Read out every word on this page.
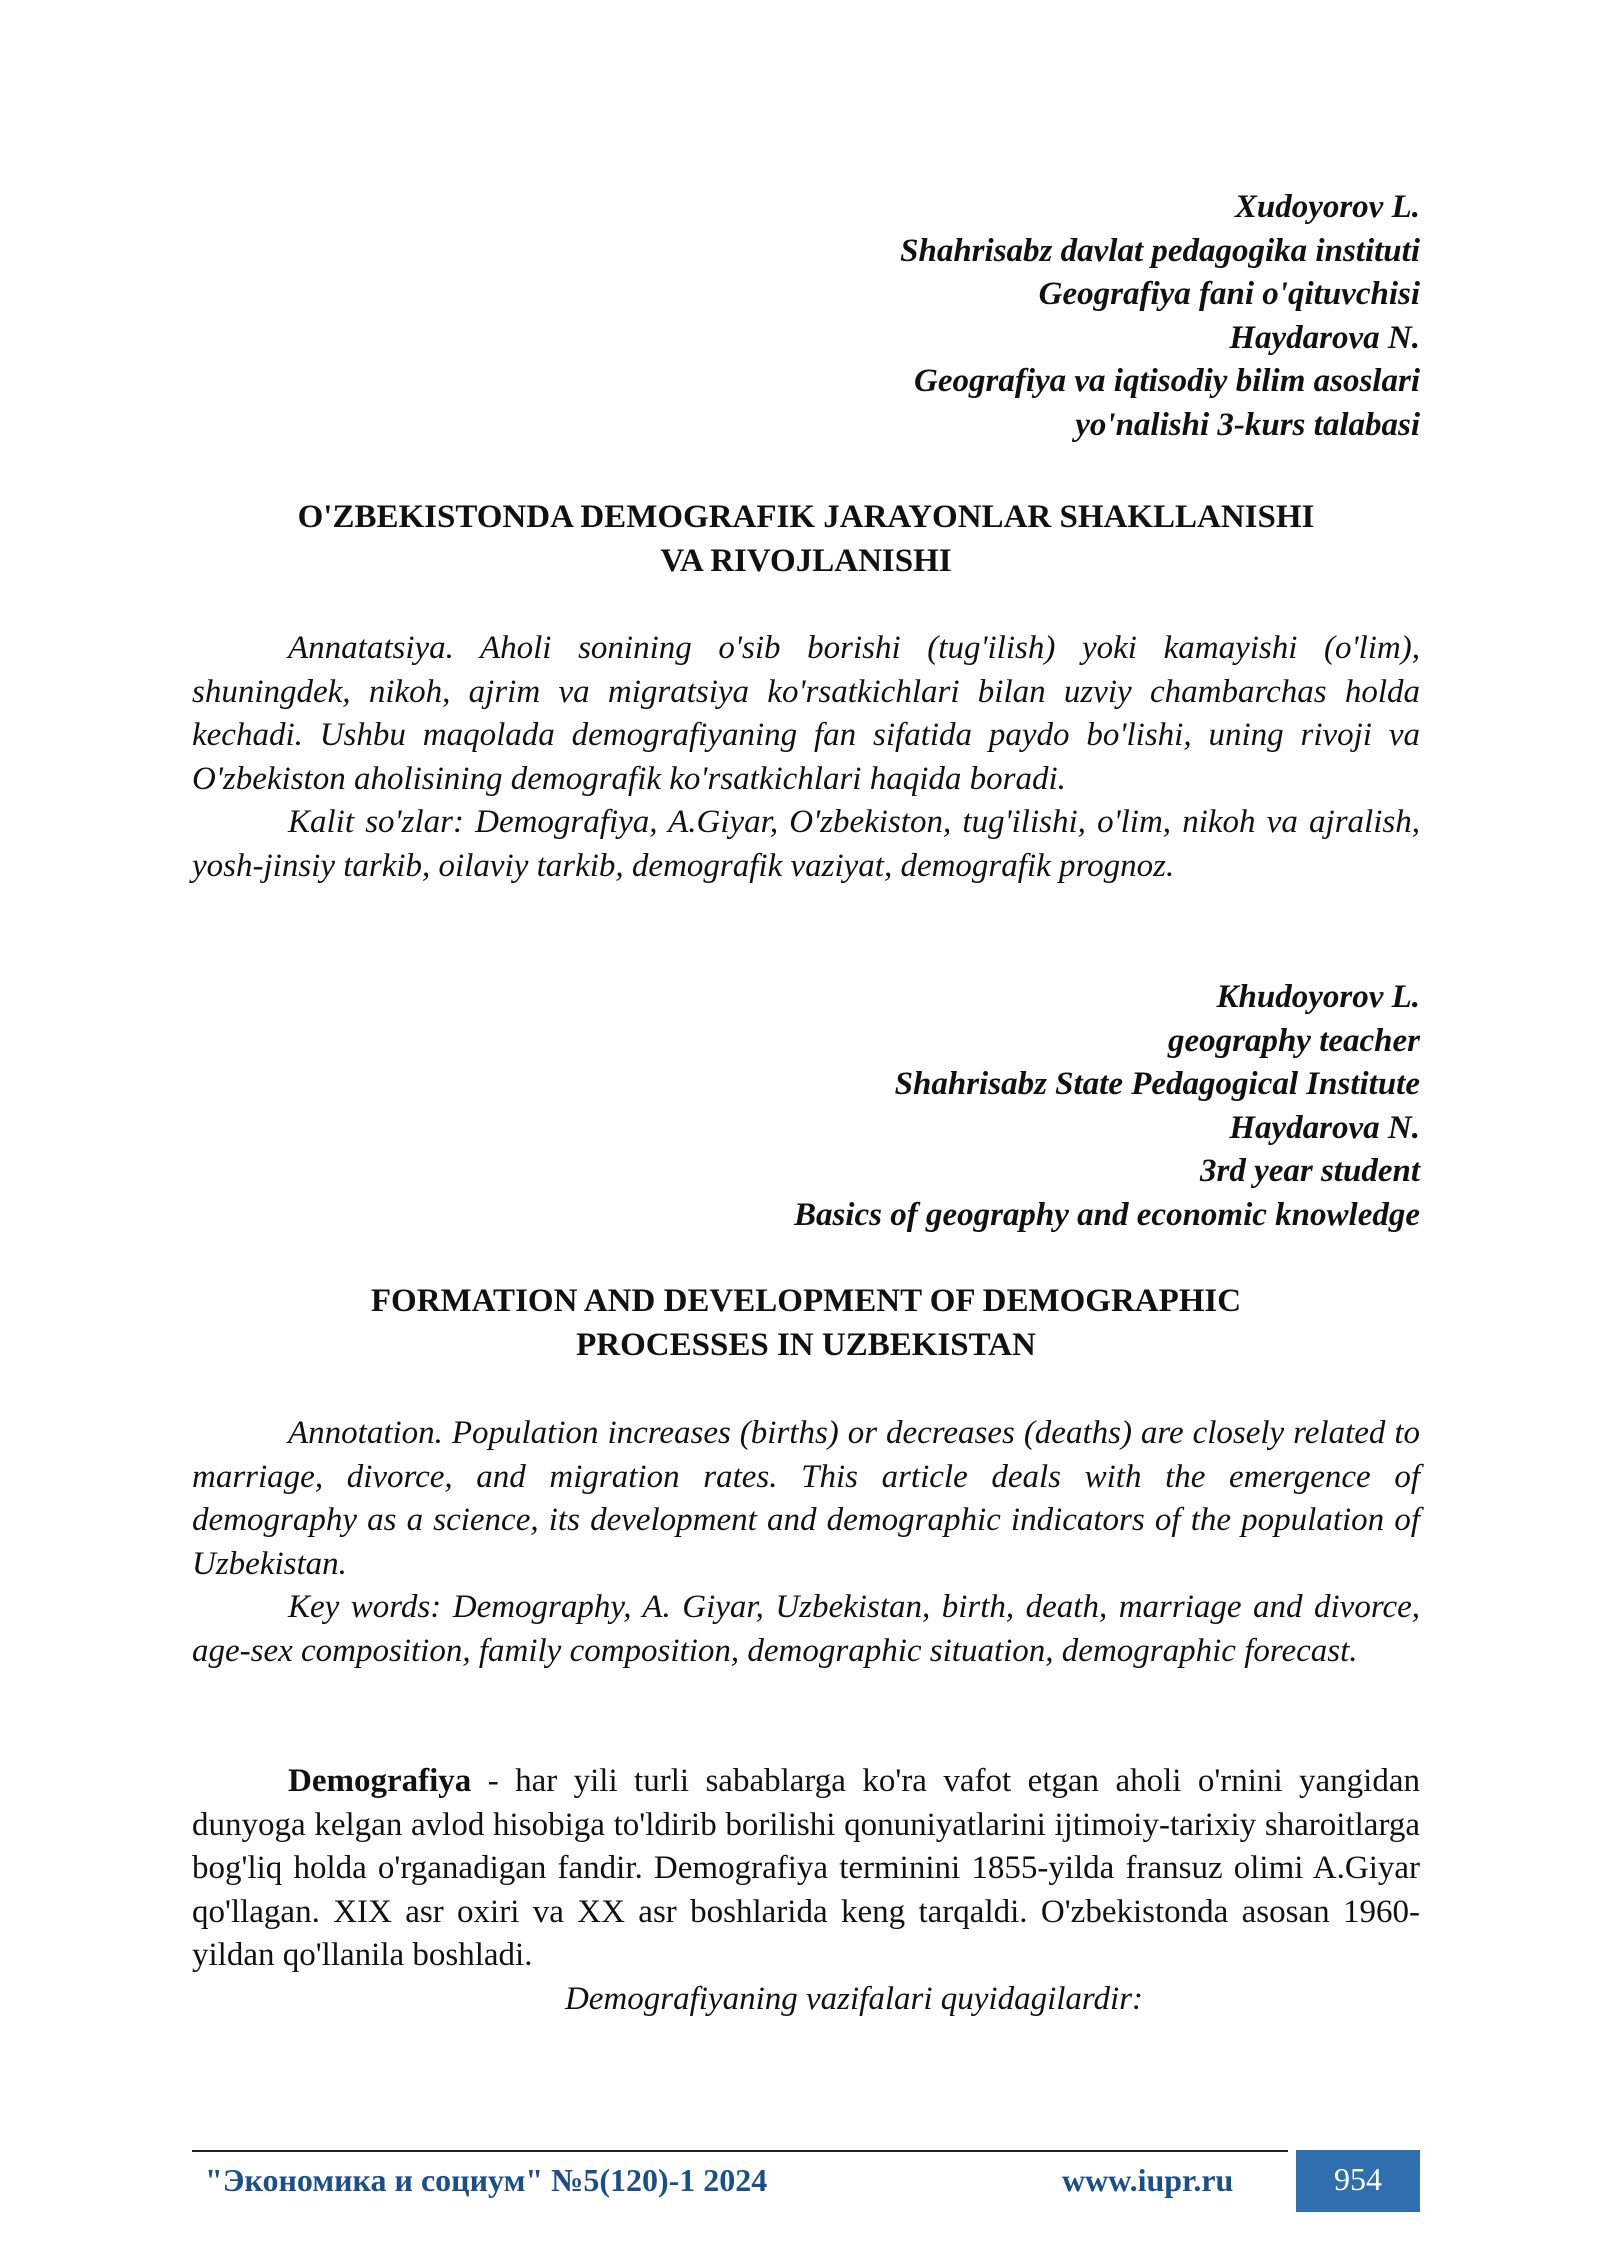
Xudoyorov L.
Shahrisabz davlat pedagogika instituti
Geografiya fani o'qituvchisi
Haydarova N.
Geografiya va iqtisodiy bilim asoslari
yo'nalishi 3-kurs talabasi
O'ZBEKISTONDA DEMOGRAFIK JARAYONLAR SHAKLLANISHI
VA RIVOJLANISHI

Annatatsiya. Aholi sonining o'sib borishi (tug'ilish) yoki kamayishi (o'lim), shuningdek, nikoh, ajrim va migratsiya ko'rsatkichlari bilan uzviy chambarchas holda kechadi. Ushbu maqolada demografiyaning fan sifatida paydo bo'lishi, uning rivoji va O'zbekiston aholisining demografik ko'rsatkichlari haqida boradi.

Kalit so'zlar: Demografiya, A.Giyar, O'zbekiston, tug'ilishi, o'lim, nikoh va ajralish, yosh-jinsiy tarkib, oilaviy tarkib, demografik vaziyat, demografik prognoz.

Khudoyorov L.
geography teacher
Shahrisabz State Pedagogical Institute
Haydarova N.
3rd year student
Basics of geography and economic knowledge
FORMATION AND DEVELOPMENT OF DEMOGRAPHIC
PROCESSES IN UZBEKISTAN

Annotation. Population increases (births) or decreases (deaths) are closely related to marriage, divorce, and migration rates. This article deals with the emergence of demography as a science, its development and demographic indicators of the population of Uzbekistan.

Key words: Demography, A. Giyar, Uzbekistan, birth, death, marriage and divorce, age-sex composition, family composition, demographic situation, demographic forecast.

Demografiya - har yili turli sabablarga ko'ra vafot etgan aholi o'rnini yangidan dunyoga kelgan avlod hisobiga to'ldirib borilishi qonuniyatlarini ijtimoiy-tarixiy sharoitlarga bog'liq holda o'rganadigan fandir. Demografiya terminini 1855-yilda fransuz olimi A.Giyar qo'llagan. XIX asr oxiri va XX asr boshlarida keng tarqaldi. O'zbekistonda asosan 1960-yildan qo'llanila boshladi.

Demografiyaning vazifalari quyidagilardir:

"Экономика и социум" №5(120)-1 2024	www.iupr.ru	954
